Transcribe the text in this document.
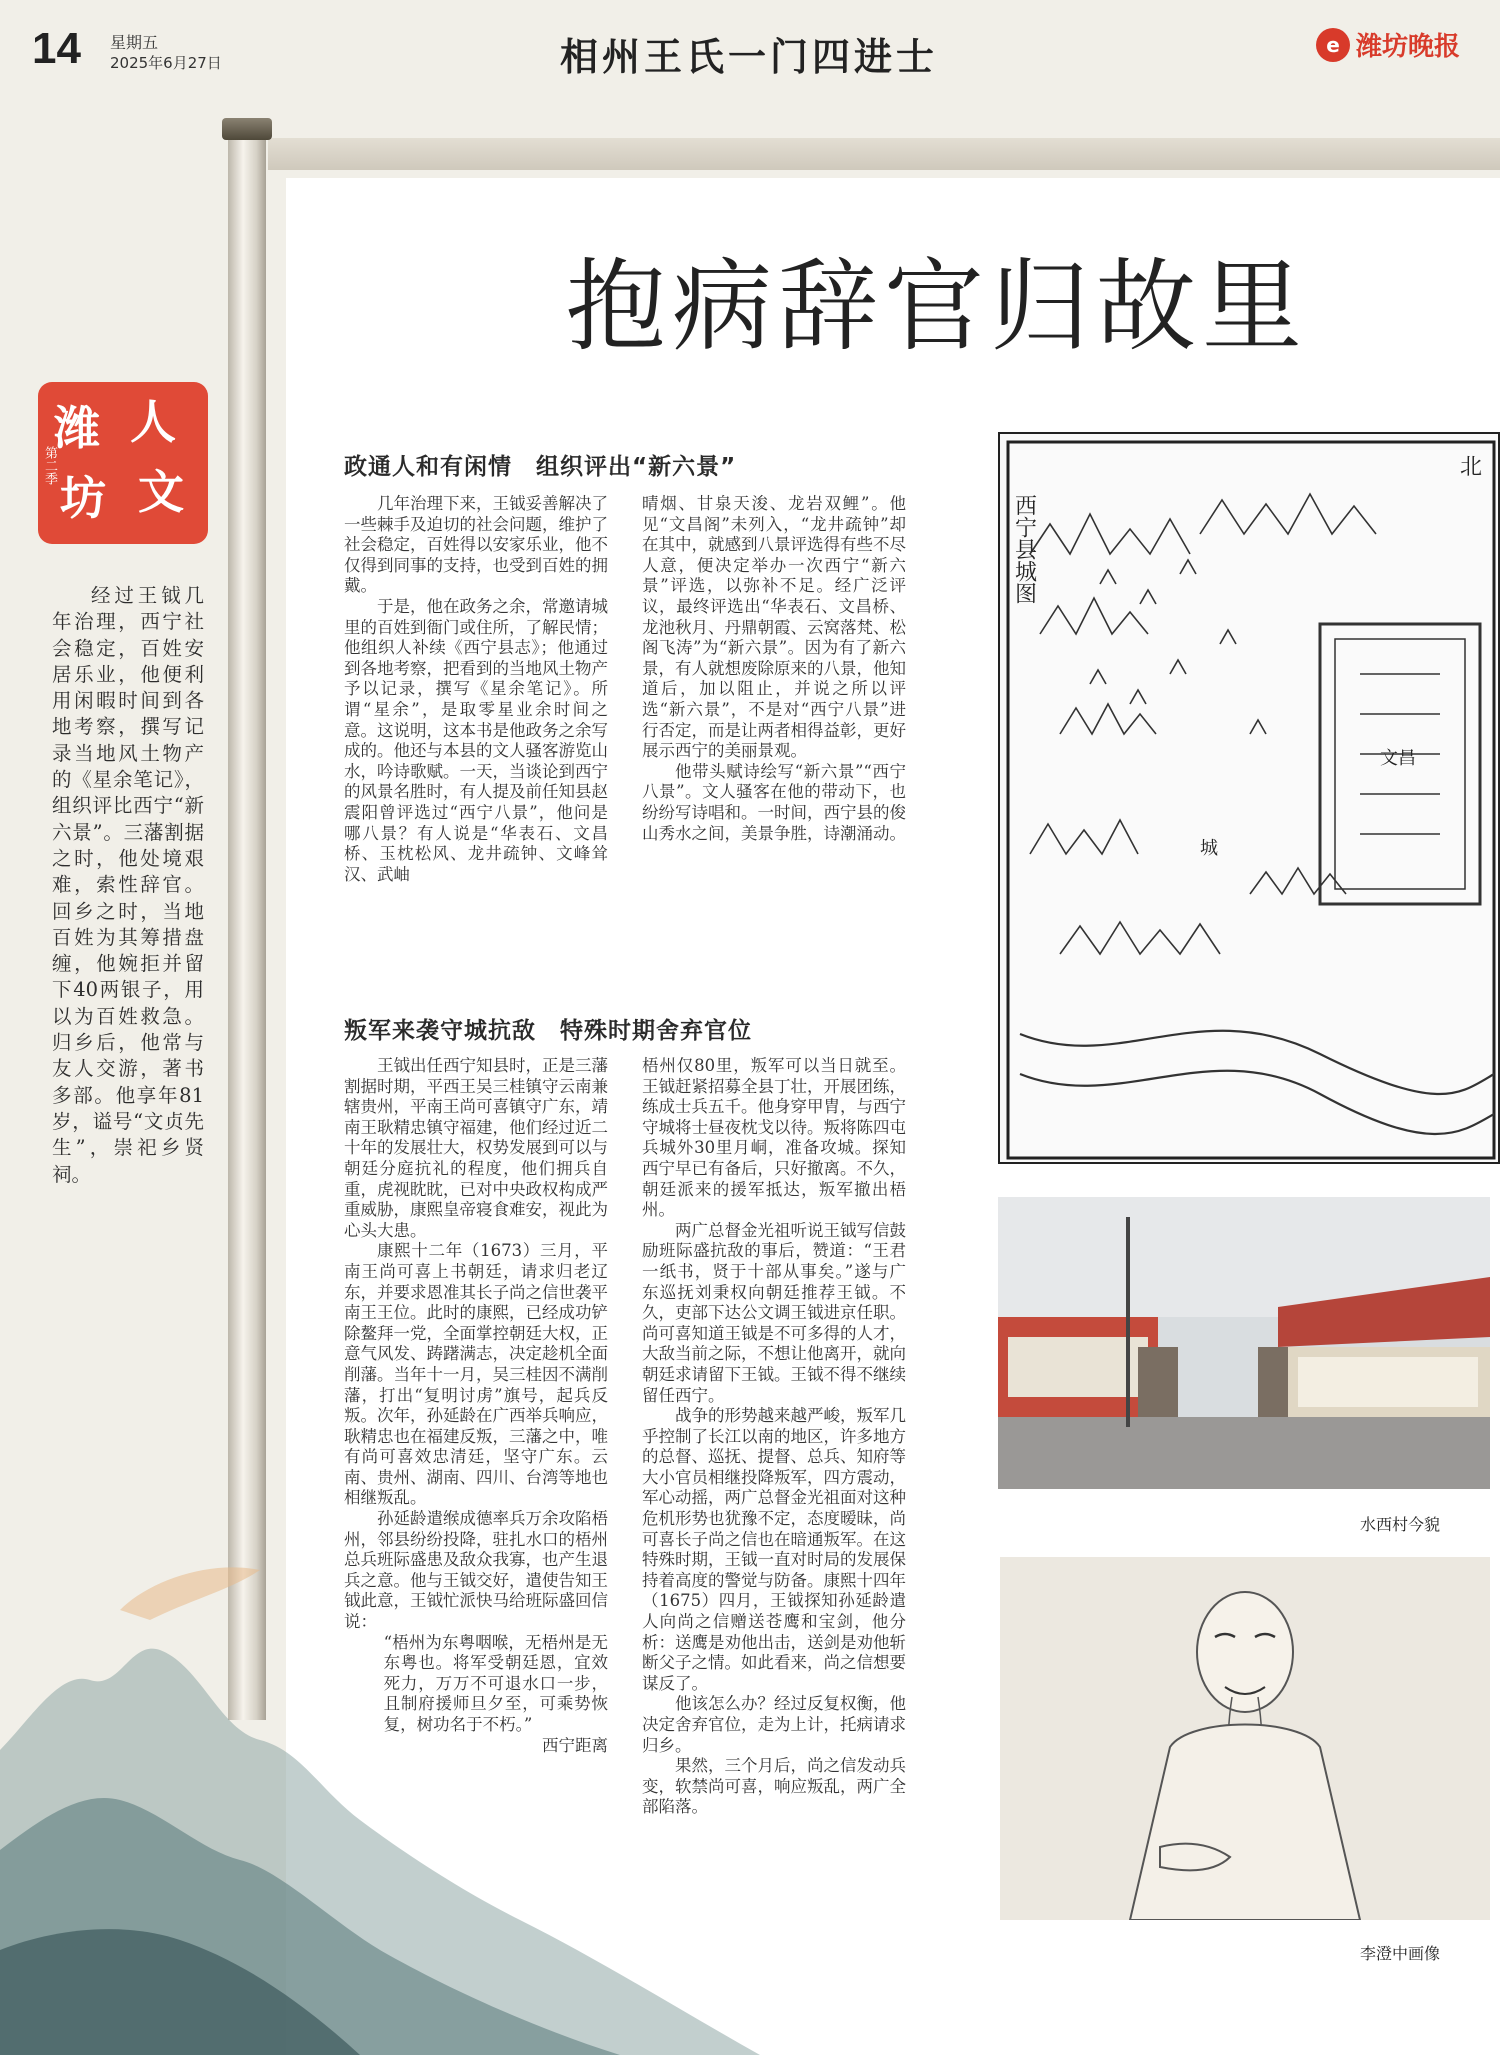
14 星期五
2025年6月27日	相州王氏一门四进士	e 潍坊晚报
抱病辞官归故里
潍 人
坊 文
第二季
经过王钺几年治理，西宁社会稳定，百姓安居乐业，他便利用闲暇时间到各地考察，撰写记录当地风土物产的《星余笔记》，组织评比西宁“新六景”。三藩割据之时，他处境艰难，索性辞官。回乡之时，当地百姓为其筹措盘缠，他婉拒并留下40两银子，用以为百姓救急。归乡后，他常与友人交游，著书多部。他享年81岁，谥号“文贞先生”，崇祀乡贤祠。
政通人和有闲情　组织评出“新六景”

几年治理下来，王钺妥善解决了一些棘手及迫切的社会问题，维护了社会稳定，百姓得以安家乐业，他不仅得到同事的支持，也受到百姓的拥戴。

于是，他在政务之余，常邀请城里的百姓到衙门或住所，了解民情；他组织人补续《西宁县志》；他通过到各地考察，把看到的当地风土物产予以记录，撰写《星余笔记》。所谓“星余”，是取零星业余时间之意。这说明，这本书是他政务之余写成的。他还与本县的文人骚客游览山水，吟诗歌赋。一天，当谈论到西宁的风景名胜时，有人提及前任知县赵震阳曾评选过“西宁八景”，他问是哪八景？有人说是“华表石、文昌桥、玉枕松风、龙井疏钟、文峰耸汉、武岫

晴烟、甘泉天浚、龙岩双鲤”。他见“文昌阁”未列入，“龙井疏钟”却在其中，就感到八景评选得有些不尽人意，便决定举办一次西宁“新六景”评选，以弥补不足。经广泛评议，最终评选出“华表石、文昌桥、龙池秋月、丹鼎朝霞、云窝落梵、松阁飞涛”为“新六景”。因为有了新六景，有人就想废除原来的八景，他知道后，加以阻止，并说之所以评选“新六景”，不是对“西宁八景”进行否定，而是让两者相得益彰，更好展示西宁的美丽景观。

他带头赋诗绘写“新六景”“西宁八景”。文人骚客在他的带动下，也纷纷写诗唱和。一时间，西宁县的俊山秀水之间，美景争胜，诗潮涌动。

叛军来袭守城抗敌　特殊时期舍弃官位

王钺出任西宁知县时，正是三藩割据时期，平西王吴三桂镇守云南兼辖贵州，平南王尚可喜镇守广东，靖南王耿精忠镇守福建，他们经过近二十年的发展壮大，权势发展到可以与朝廷分庭抗礼的程度，他们拥兵自重，虎视眈眈，已对中央政权构成严重威胁，康熙皇帝寝食难安，视此为心头大患。

康熙十二年（1673）三月，平南王尚可喜上书朝廷，请求归老辽东，并要求恩准其长子尚之信世袭平南王王位。此时的康熙，已经成功铲除鳌拜一党，全面掌控朝廷大权，正意气风发、踌躇满志，决定趁机全面削藩。当年十一月，吴三桂因不满削藩，打出“复明讨虏”旗号，起兵反叛。次年，孙延龄在广西举兵响应，耿精忠也在福建反叛，三藩之中，唯有尚可喜效忠清廷，坚守广东。云南、贵州、湖南、四川、台湾等地也相继叛乱。

孙延龄遣缑成德率兵万余攻陷梧州，邻县纷纷投降，驻扎水口的梧州总兵班际盛患及敌众我寡，也产生退兵之意。他与王钺交好，遣使告知王钺此意，王钺忙派快马给班际盛回信说：

“梧州为东粤咽喉，无梧州是无东粤也。将军受朝廷恩，宜效死力，万万不可退水口一步，且制府援师旦夕至，可乘势恢复，树功名于不朽。”

西宁距离

梧州仅80里，叛军可以当日就至。王钺赶紧招募全县丁壮，开展团练，练成士兵五千。他身穿甲胄，与西宁守城将士昼夜枕戈以待。叛将陈四屯兵城外30里月峒，准备攻城。探知西宁早已有备后，只好撤离。不久，朝廷派来的援军抵达，叛军撤出梧州。

两广总督金光祖听说王钺写信鼓励班际盛抗敌的事后，赞道：“王君一纸书，贤于十部从事矣。”遂与广东巡抚刘秉权向朝廷推荐王钺。不久，吏部下达公文调王钺进京任职。尚可喜知道王钺是不可多得的人才，大敌当前之际，不想让他离开，就向朝廷求请留下王钺。王钺不得不继续留任西宁。

战争的形势越来越严峻，叛军几乎控制了长江以南的地区，许多地方的总督、巡抚、提督、总兵、知府等大小官员相继投降叛军，四方震动，军心动摇，两广总督金光祖面对这种危机形势也犹豫不定，态度暧昧，尚可喜长子尚之信也在暗通叛军。在这特殊时期，王钺一直对时局的发展保持着高度的警觉与防备。康熙十四年（1675）四月，王钺探知孙延龄遣人向尚之信赠送苍鹰和宝剑，他分析：送鹰是劝他出击，送剑是劝他斩断父子之情。如此看来，尚之信想要谋反了。

他该怎么办？经过反复权衡，他决定舍弃官位，走为上计，托病请求归乡。

果然，三个月后，尚之信发动兵变，软禁尚可喜，响应叛乱，两广全部陷落。

北
西宁县城图
文昌
城
水西村今貌
李澄中画像
